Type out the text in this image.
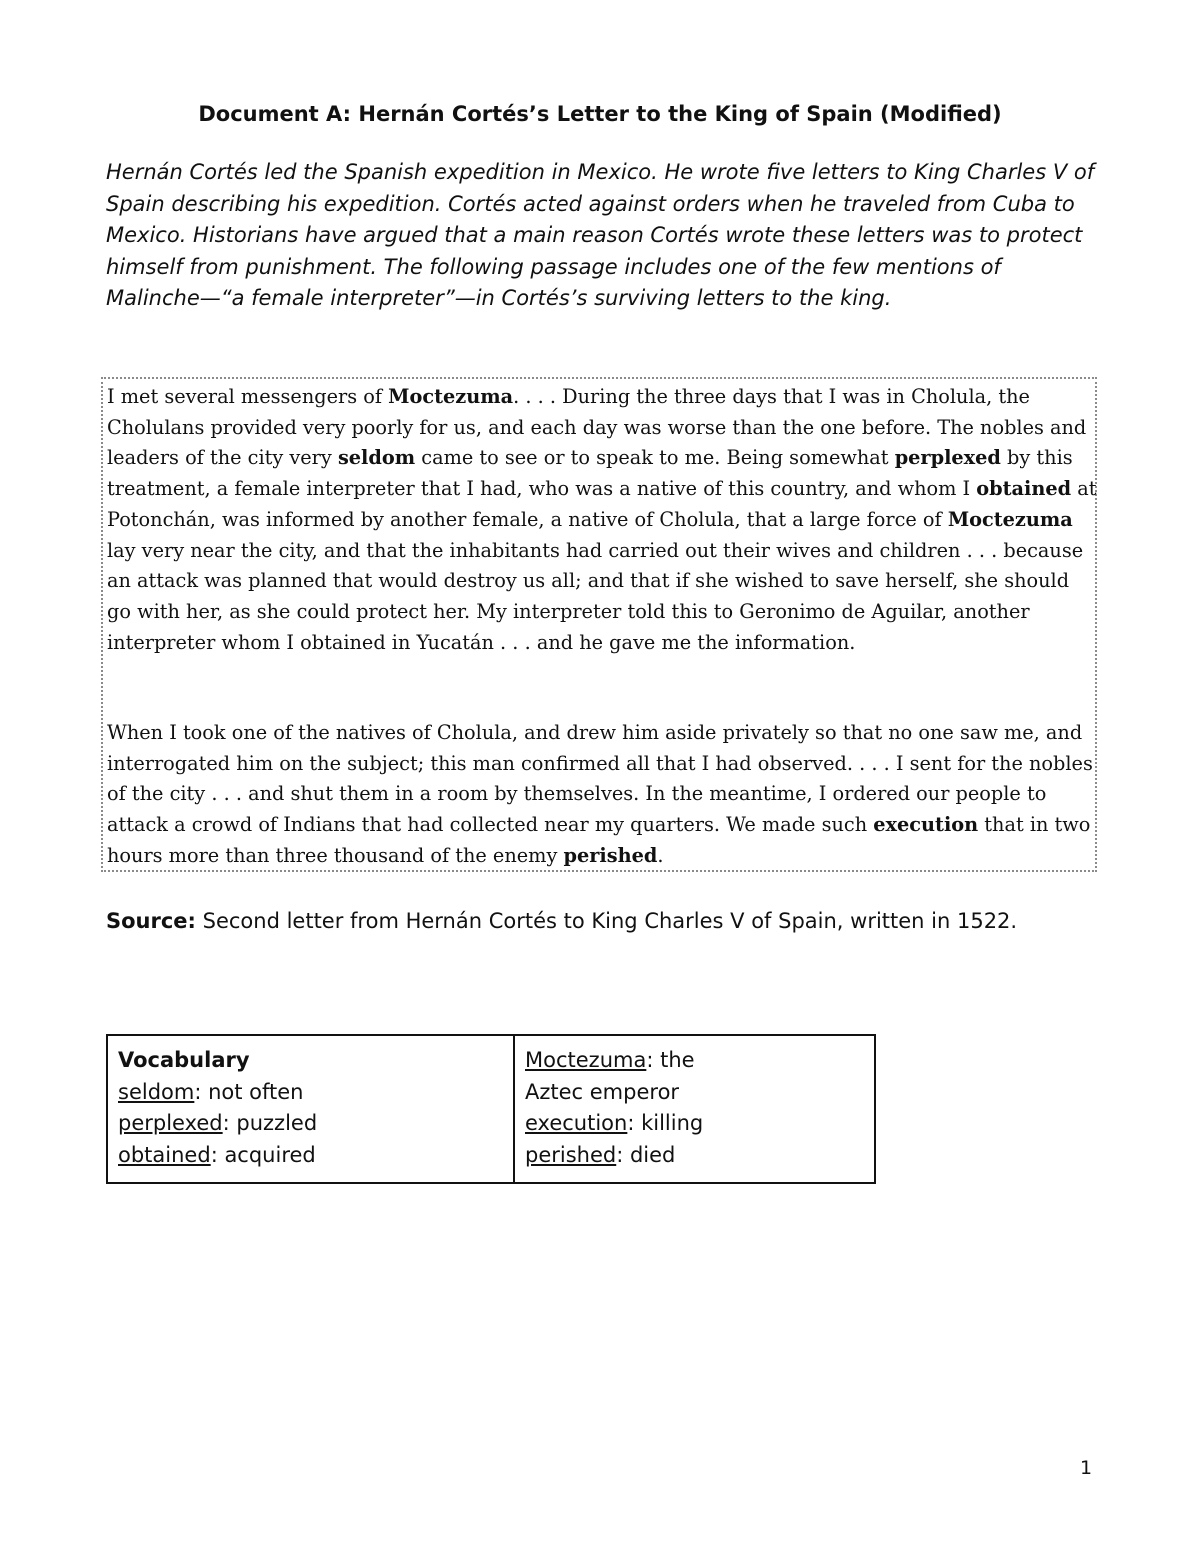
Document A: Hernán Cortés’s Letter to the King of Spain (Modified)

Hernán Cortés led the Spanish expedition in Mexico. He wrote five letters to King Charles V of Spain describing his expedition. Cortés acted against orders when he traveled from Cuba to Mexico. Historians have argued that a main reason Cortés wrote these letters was to protect himself from punishment. The following passage includes one of the few mentions of Malinche—“a female interpreter”—in Cortés’s surviving letters to the king.

I met several messengers of Moctezuma. . . . During the three days that I was in Cholula, the Cholulans provided very poorly for us, and each day was worse than the one before. The nobles and leaders of the city very seldom came to see or to speak to me. Being somewhat perplexed by this treatment, a female interpreter that I had, who was a native of this country, and whom I obtained at Potonchán, was informed by another female, a native of Cholula, that a large force of Moctezuma lay very near the city, and that the inhabitants had carried out their wives and children . . . because an attack was planned that would destroy us all; and that if she wished to save herself, she should go with her, as she could protect her. My interpreter told this to Geronimo de Aguilar, another interpreter whom I obtained in Yucatán . . . and he gave me the information.

When I took one of the natives of Cholula, and drew him aside privately so that no one saw me, and interrogated him on the subject; this man confirmed all that I had observed. . . . I sent for the nobles of the city . . . and shut them in a room by themselves. In the meantime, I ordered our people to attack a crowd of Indians that had collected near my quarters. We made such execution that in two hours more than three thousand of the enemy perished.

Source: Second letter from Hernán Cortés to King Charles V of Spain, written in 1522.

Vocabulary
seldom: not often
perplexed: puzzled
obtained: acquired

Moctezuma: the Aztec emperor
execution: killing
perished: died
1
